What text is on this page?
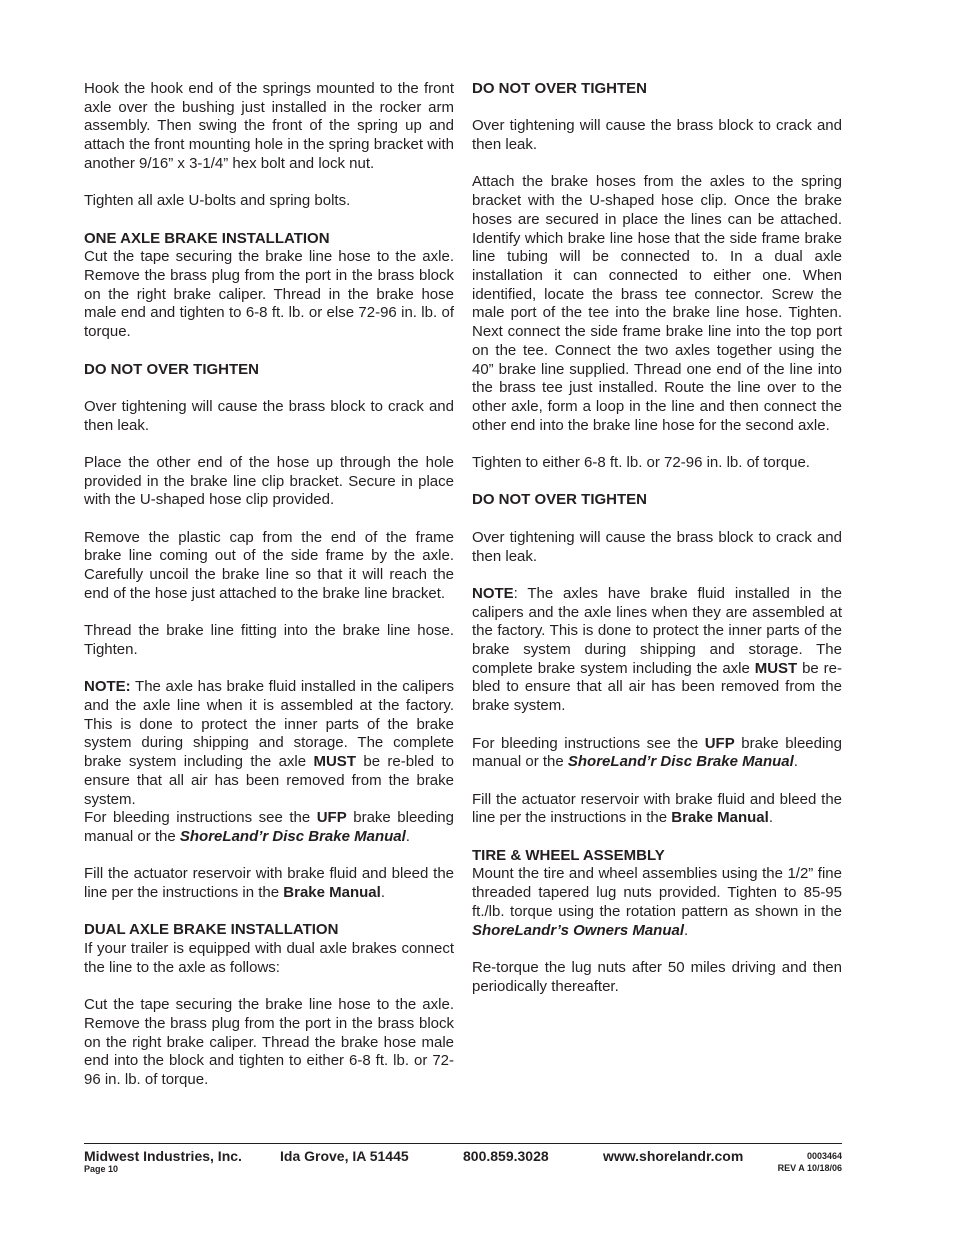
Hook the hook end of the springs mounted to the front axle over the bushing just installed in the rocker arm assembly. Then swing the front of the spring up and attach the front mounting hole in the spring bracket with another 9/16” x 3-1/4” hex bolt and lock nut.

Tighten all axle U-bolts and spring bolts.

ONE AXLE BRAKE INSTALLATION

Cut the tape securing the brake line hose to the axle. Remove the brass plug from the port in the brass block on the right brake caliper. Thread in the brake hose male end and tighten to 6-8 ft. lb. or else 72-96 in. lb. of torque.

DO NOT OVER TIGHTEN

Over tightening will cause the brass block to crack and then leak.

Place the other end of the hose up through the hole provided in the brake line clip bracket. Secure in place with the U-shaped hose clip provided.

Remove the plastic cap from the end of the frame brake line coming out of the side frame by the axle. Carefully uncoil the brake line so that it will reach the end of the hose just attached to the brake line bracket.

Thread the brake line fitting into the brake line hose. Tighten.

NOTE: The axle has brake fluid installed in the calipers and the axle line when it is assembled at the factory. This is done to protect the inner parts of the brake system during shipping and storage. The complete brake system including the axle MUST be re-bled to ensure that all air has been removed from the brake system.

For bleeding instructions see the UFP brake bleeding manual or the ShoreLand’r Disc Brake Manual.

Fill the actuator reservoir with brake fluid and bleed the line per the instructions in the Brake Manual.

DUAL AXLE BRAKE INSTALLATION

If your trailer is equipped with dual axle brakes connect the line to the axle as follows:

Cut the tape securing the brake line hose to the axle. Remove the brass plug from the port in the brass block on the right brake caliper. Thread the brake hose male end into the block and tighten to either 6-8 ft. lb. or 72-96 in. lb. of torque.

DO NOT OVER TIGHTEN

Over tightening will cause the brass block to crack and then leak.

Attach the brake hoses from the axles to the spring bracket with the U-shaped hose clip. Once the brake hoses are secured in place the lines can be attached. Identify which brake line hose that the side frame brake line tubing will be connected to. In a dual axle installation it can connected to either one. When identified, locate the brass tee connector. Screw the male port of the tee into the brake line hose. Tighten. Next connect the side frame brake line into the top port on the tee. Connect the two axles together using the 40” brake line supplied. Thread one end of the line into the brass tee just installed. Route the line over to the other axle, form a loop in the line and then connect the other end into the brake line hose for the second axle.

Tighten to either 6-8 ft. lb. or 72-96 in. lb. of torque.

DO NOT OVER TIGHTEN

Over tightening will cause the brass block to crack and then leak.

NOTE: The axles have brake fluid installed in the calipers and the axle lines when they are assembled at the factory. This is done to protect the inner parts of the brake system during shipping and storage. The complete brake system including the axle MUST be re-bled to ensure that all air has been removed from the brake system.

For bleeding instructions see the UFP brake bleeding manual or the ShoreLand’r Disc Brake Manual.

Fill the actuator reservoir with brake fluid and bleed the line per the instructions in the Brake Manual.

TIRE & WHEEL ASSEMBLY

Mount the tire and wheel assemblies using the 1/2” fine threaded tapered lug nuts provided. Tighten to 85-95 ft./lb. torque using the rotation pattern as shown in the ShoreLandr’s Owners Manual.

Re-torque the lug nuts after 50 miles driving and then periodically thereafter.

Midwest Industries, Inc.	Ida Grove, IA 51445	800.859.3028	www.shorelandr.com
Page 10
0003464
REV A 10/18/06
